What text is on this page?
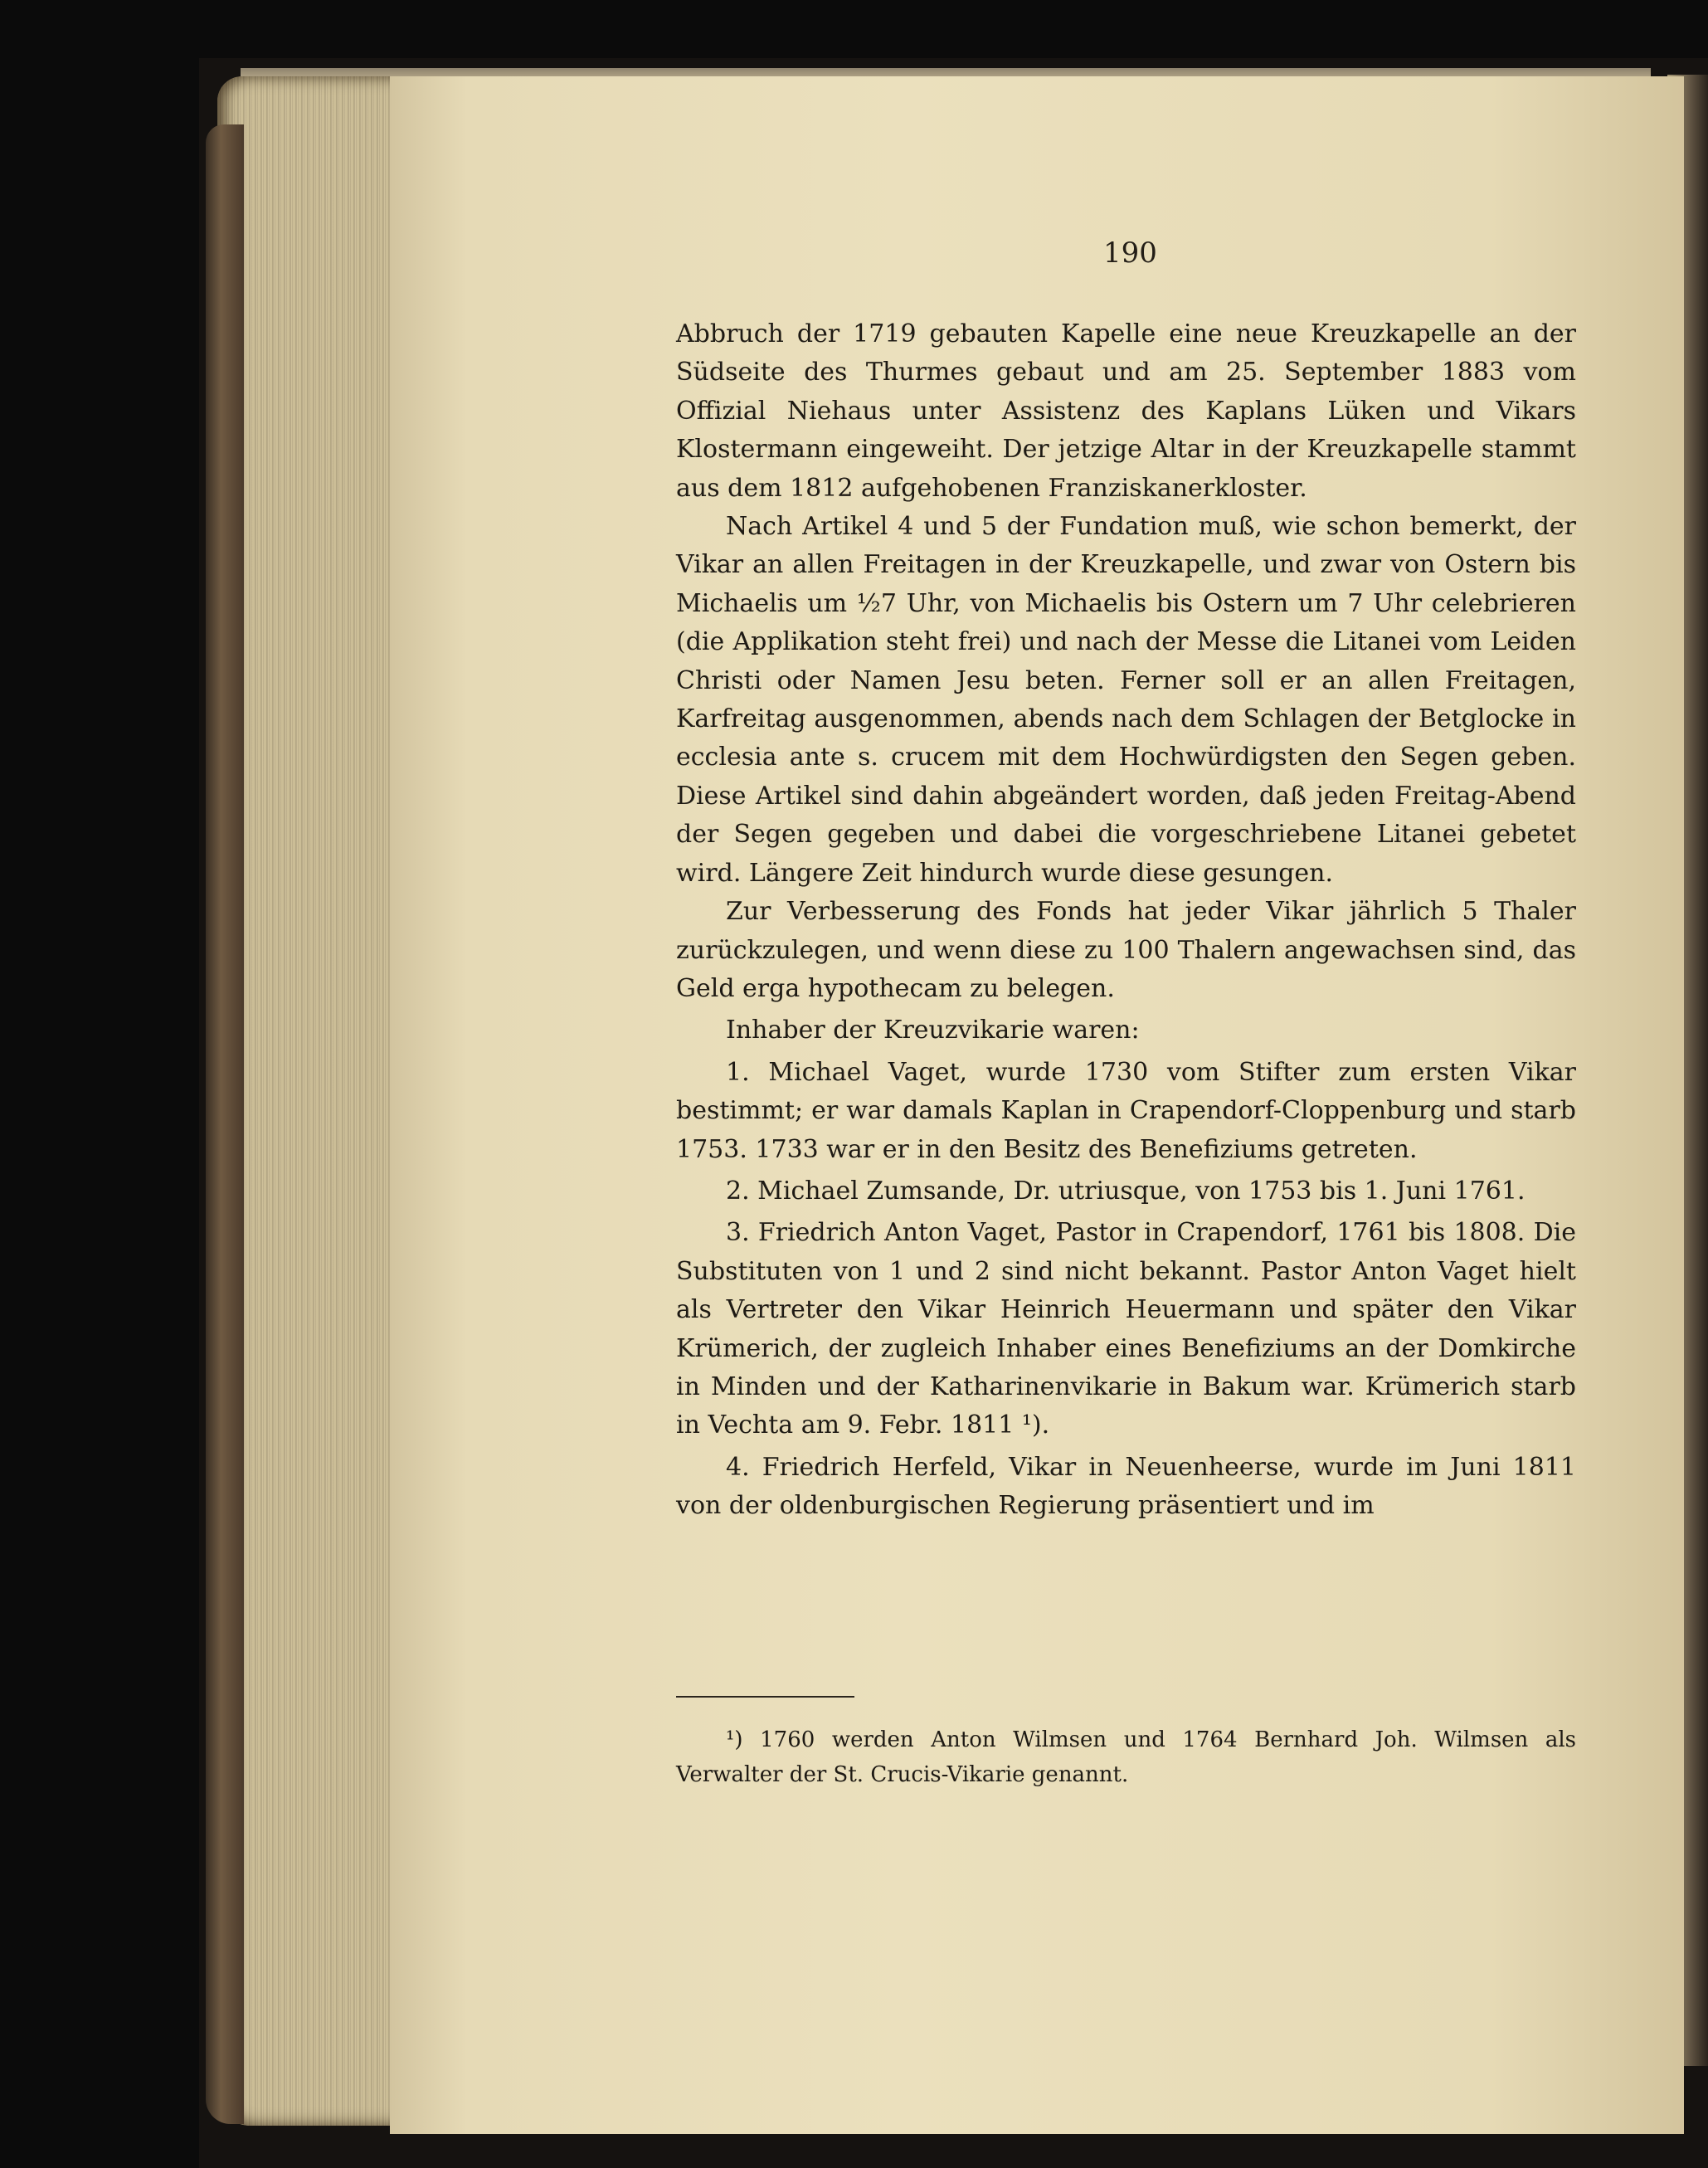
190

Abbruch der 1719 gebauten Kapelle eine neue Kreuzkapelle an der Südseite des Thurmes gebaut und am 25. September 1883 vom Offizial Niehaus unter Assistenz des Kaplans Lüken und Vikars Klostermann eingeweiht. Der jetzige Altar in der Kreuzkapelle stammt aus dem 1812 aufgehobenen Franziskanerkloster.

Nach Artikel 4 und 5 der Fundation muß, wie schon bemerkt, der Vikar an allen Freitagen in der Kreuzkapelle, und zwar von Ostern bis Michaelis um ½7 Uhr, von Michaelis bis Ostern um 7 Uhr celebrieren (die Applikation steht frei) und nach der Messe die Litanei vom Leiden Christi oder Namen Jesu beten. Ferner soll er an allen Freitagen, Karfreitag ausgenommen, abends nach dem Schlagen der Betglocke in ecclesia ante s. crucem mit dem Hochwürdigsten den Segen geben. Diese Artikel sind dahin abgeändert worden, daß jeden Freitag-Abend der Segen gegeben und dabei die vorgeschriebene Litanei gebetet wird. Längere Zeit hindurch wurde diese gesungen.

Zur Verbesserung des Fonds hat jeder Vikar jährlich 5 Thaler zurückzulegen, und wenn diese zu 100 Thalern angewachsen sind, das Geld erga hypothecam zu belegen.

Inhaber der Kreuzvikarie waren:

1. Michael Vaget, wurde 1730 vom Stifter zum ersten Vikar bestimmt; er war damals Kaplan in Crapendorf-Cloppenburg und starb 1753. 1733 war er in den Besitz des Benefiziums getreten.

2. Michael Zumsande, Dr. utriusque, von 1753 bis 1. Juni 1761.

3. Friedrich Anton Vaget, Pastor in Crapendorf, 1761 bis 1808. Die Substituten von 1 und 2 sind nicht bekannt. Pastor Anton Vaget hielt als Vertreter den Vikar Heinrich Heuermann und später den Vikar Krümerich, der zugleich Inhaber eines Benefiziums an der Domkirche in Minden und der Katharinenvikarie in Bakum war. Krümerich starb in Vechta am 9. Febr. 1811 ¹).

4. Friedrich Herfeld, Vikar in Neuenheerse, wurde im Juni 1811 von der oldenburgischen Regierung präsentiert und im

¹) 1760 werden Anton Wilmsen und 1764 Bernhard Joh. Wilmsen als Verwalter der St. Crucis-Vikarie genannt.
